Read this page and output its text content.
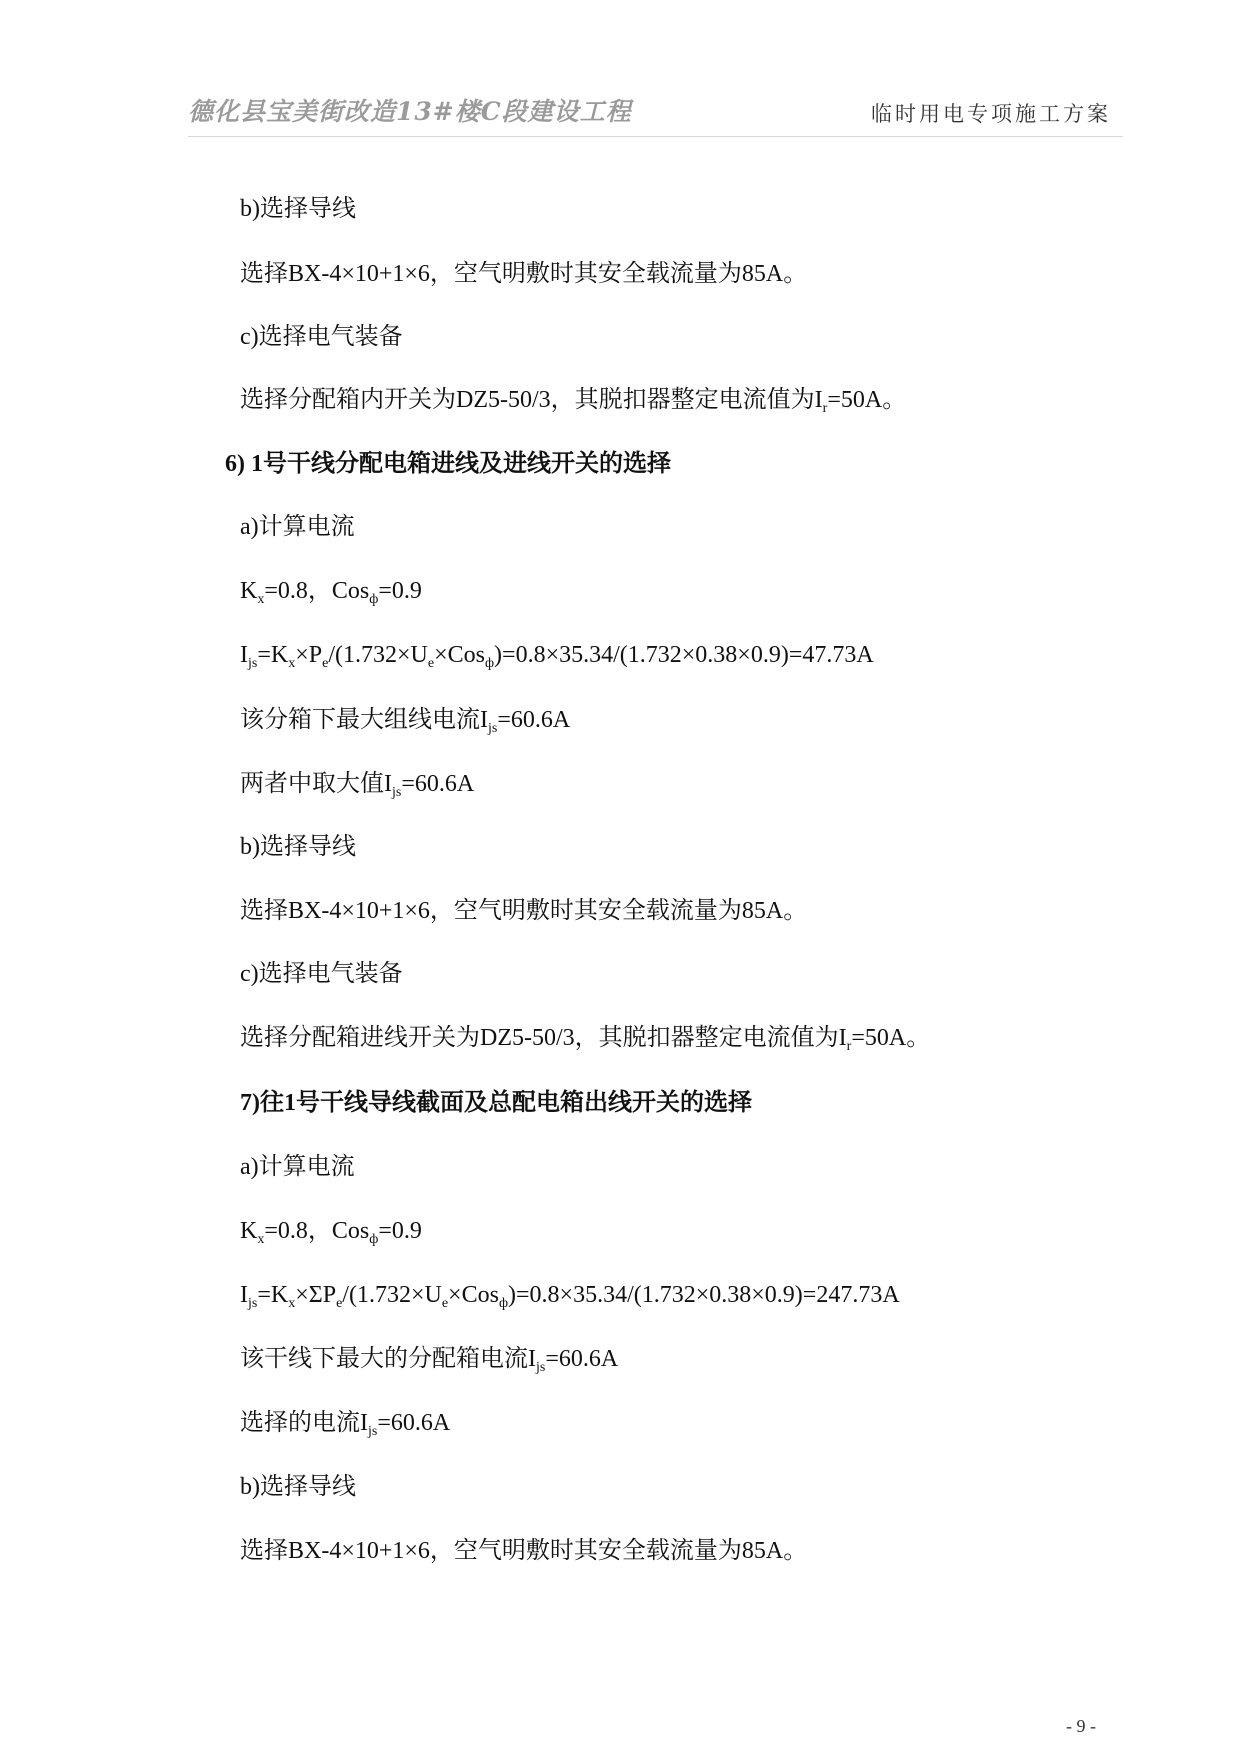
德化县宝美街改造13#楼C段建设工程	临时用电专项施工方案
b)选择导线
选择BX-4×10+1×6，空气明敷时其安全载流量为85A。
c)选择电气装备
选择分配箱内开关为DZ5-50/3，其脱扣器整定电流值为$I_r=50A$。
6) 1号干线分配电箱进线及进线开关的选择
a)计算电流
$K_x=0.8$，Cos$_ф$=0.9
$I_{js}=K_x\times P_e/(1.732\times U_e\times Cos_ф)=0.8\times 35.34/(1.732\times 0.38\times 0.9)=47.73A$
该分箱下最大组线电流$I_{js}=60.6A$
两者中取大值$I_{js}=60.6A$
b)选择导线
选择BX-4×10+1×6，空气明敷时其安全载流量为85A。
c)选择电气装备
选择分配箱进线开关为DZ5-50/3，其脱扣器整定电流值为$I_r=50A$。
7)往1号干线导线截面及总配电箱出线开关的选择
a)计算电流
$K_x=0.8$，Cos$_ф$=0.9
$I_{js}=K_x\times\Sigma P_e/(1.732\times U_e\times Cos_ф)=0.8\times 35.34/(1.732\times 0.38\times 0.9)=247.73A$
该干线下最大的分配箱电流$I_{js}=60.6A$
选择的电流$I_{js}=60.6A$
b)选择导线
选择BX-4×10+1×6，空气明敷时其安全载流量为85A。
- 9 -
